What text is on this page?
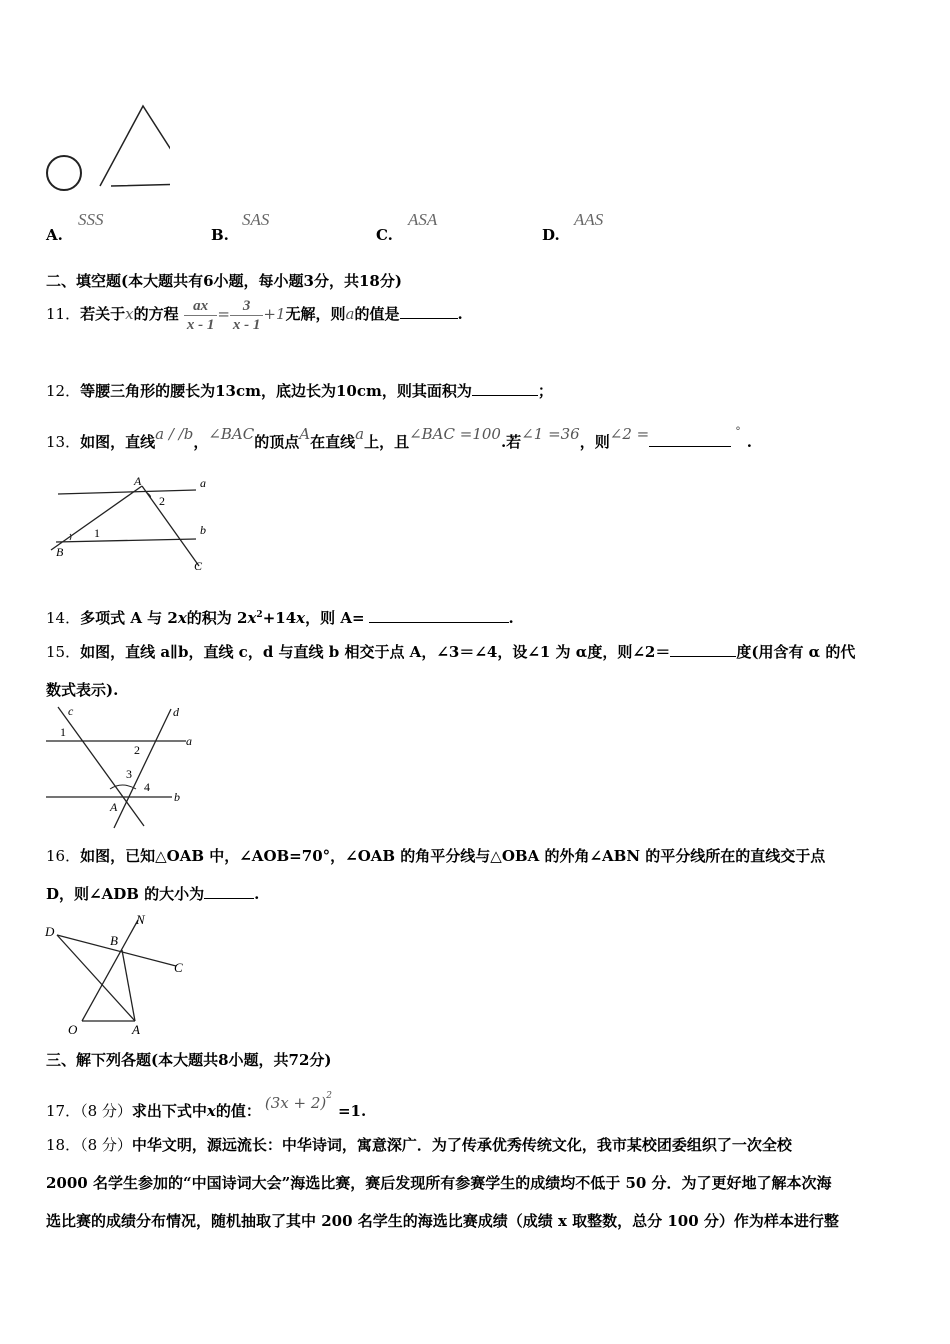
A.
SSS
B.
SAS
C.
ASA
D.
AAS
二、填空题(本大题共有6小题，每小题3分，共18分)
11．若关于x的方程 $\frac{ax}{x - 1} = \frac{3}{x - 1} +1$无解，则a的值是	.
12．等腰三角形的腰长为13cm，底边长为10cm，则其面积为	；
13．如图，直线a / /b，∠BAC的顶点A在直线a上，且∠BAC =100.若∠1 =36，则∠2 =	°.
A	a
b
B
C
1
2
14．多项式 A 与 2x的积为 $2x^2+14x$，则 A=	.
15．如图，直线 a∥b，直线 c，d 与直线 b 相交于点 A，∠3＝∠4，设∠1 为 α度，则∠2＝	度(用含有 α 的代
数式表示).
c	d
a
b
A
1
2
3
4
16．如图，已知△OAB 中，∠AOB=70°，∠OAB 的角平分线与△OBA 的外角∠ABN 的平分线所在的直线交于点
D，则∠ADB 的大小为	.
D
N
B
C
O	A
三、解下列各题(本大题共8小题，共72分)
17．（8 分）求出下式中x的值： $(3x + 2)^2=1$.
18．（8 分）中华文明，源远流长：中华诗词，寓意深广．为了传承优秀传统文化，我市某校团委组织了一次全校
2000 名学生参加的“中国诗词大会”海选比赛，赛后发现所有参赛学生的成绩均不低于 50 分．为了更好地了解本次海
选比赛的成绩分布情况，随机抽取了其中 200 名学生的海选比赛成绩（成绩 x 取整数，总分 100 分）作为样本进行整
